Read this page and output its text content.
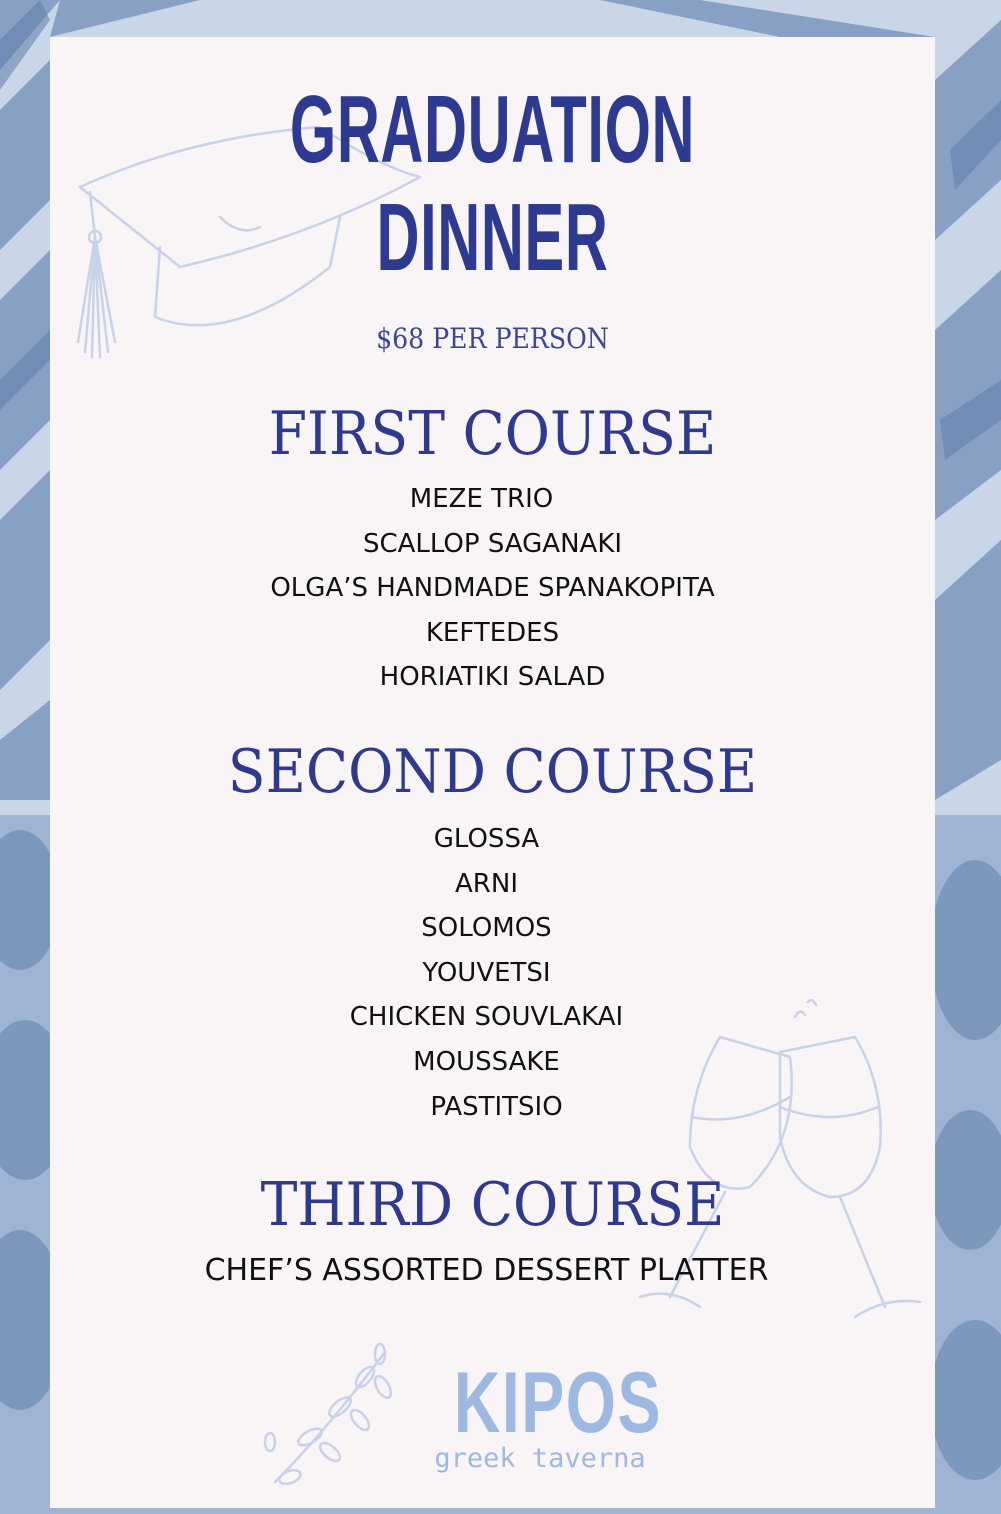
GRADUATION
DINNER
$68 PER PERSON
FIRST COURSE
MEZE TRIO
SCALLOP SAGANAKI
OLGA’S HANDMADE SPANAKOPITA
KEFTEDES
HORIATIKI SALAD
SECOND COURSE
GLOSSA
ARNI
SOLOMOS
YOUVETSI
CHICKEN SOUVLAKAI
MOUSSAKE
PASTITSIO
THIRD COURSE
CHEF’S ASSORTED DESSERT PLATTER
KIPOS
greek taverna
